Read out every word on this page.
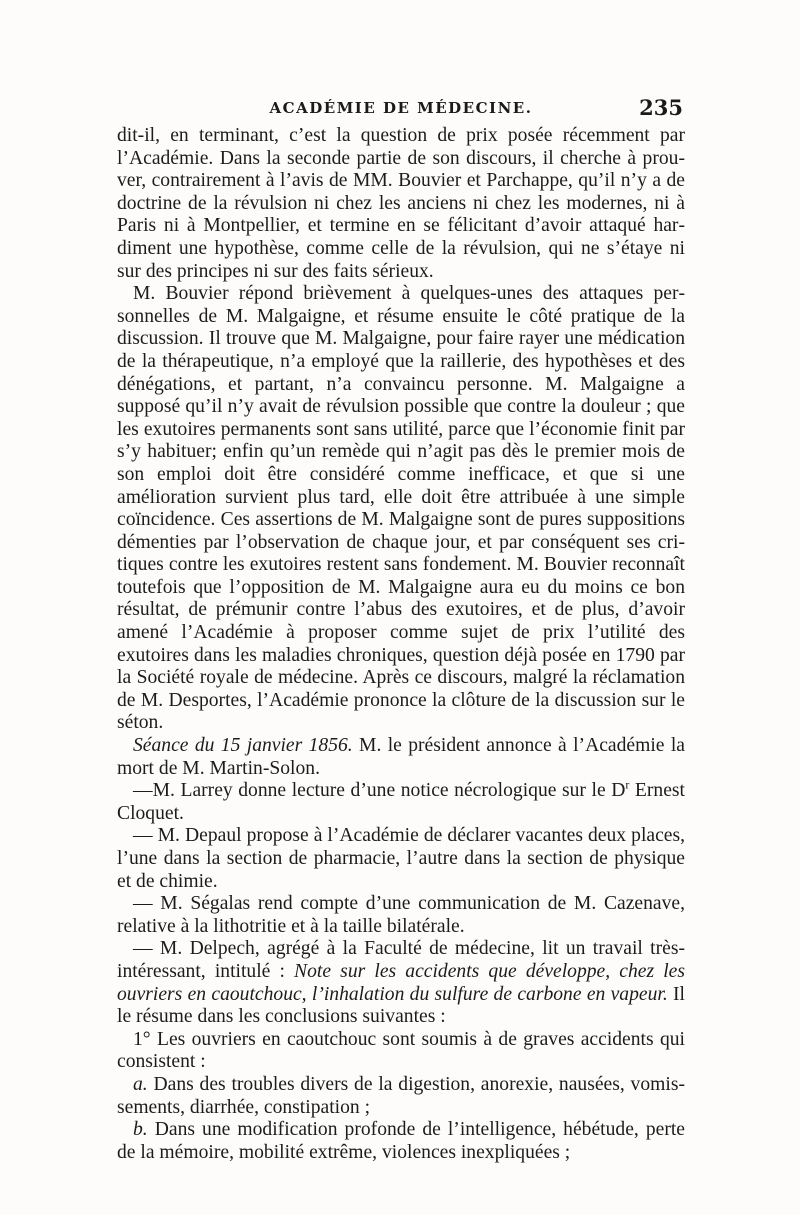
ACADÉMIE DE MÉDECINE.	235

dit-il, en terminant, c’est la question de prix posée récemment par l’Académie. Dans la seconde partie de son discours, il cherche à prouver, contrairement à l’avis de MM. Bouvier et Parchappe, qu’il n’y a de doctrine de la révulsion ni chez les anciens ni chez les modernes, ni à Paris ni à Montpellier, et termine en se félicitant d’avoir attaqué hardiment une hypothèse, comme celle de la révulsion, qui ne s’étaye ni sur des principes ni sur des faits sérieux.

M. Bouvier répond brièvement à quelques-unes des attaques personnelles de M. Malgaigne, et résume ensuite le côté pratique de la discussion. Il trouve que M. Malgaigne, pour faire rayer une médication de la thérapeutique, n’a employé que la raillerie, des hypothèses et des dénégations, et partant, n’a convaincu personne. M. Malgaigne a supposé qu’il n’y avait de révulsion possible que contre la douleur ; que les exutoires permanents sont sans utilité, parce que l’économie finit par s’y habituer; enfin qu’un remède qui n’agit pas dès le premier mois de son emploi doit être considéré comme inefficace, et que si une amélioration survient plus tard, elle doit être attribuée à une simple coïncidence. Ces assertions de M. Malgaigne sont de pures suppositions démenties par l’observation de chaque jour, et par conséquent ses critiques contre les exutoires restent sans fondement. M. Bouvier reconnaît toutefois que l’opposition de M. Malgaigne aura eu du moins ce bon résultat, de prémunir contre l’abus des exutoires, et de plus, d’avoir amené l’Académie à proposer comme sujet de prix l’utilité des exutoires dans les maladies chroniques, question déjà posée en 1790 par la Société royale de médecine. Après ce discours, malgré la réclamation de M. Desportes, l’Académie prononce la clôture de la discussion sur le séton.

Séance du 15 janvier 1856. M. le président annonce à l’Académie la mort de M. Martin-Solon.

—M. Larrey donne lecture d’une notice nécrologique sur le $D^r$ Ernest Cloquet.

— M. Depaul propose à l’Académie de déclarer vacantes deux places, l’une dans la section de pharmacie, l’autre dans la section de physique et de chimie.

— M. Ségalas rend compte d’une communication de M. Cazenave, relative à la lithotritie et à la taille bilatérale.

— M. Delpech, agrégé à la Faculté de médecine, lit un travail très-intéressant, intitulé : Note sur les accidents que développe, chez les ouvriers en caoutchouc, l’inhalation du sulfure de carbone en vapeur. Il le résume dans les conclusions suivantes :

1° Les ouvriers en caoutchouc sont soumis à de graves accidents qui consistent :

a. Dans des troubles divers de la digestion, anorexie, nausées, vomissements, diarrhée, constipation ;

b. Dans une modification profonde de l’intelligence, hébétude, perte de la mémoire, mobilité extrême, violences inexpliquées ;
